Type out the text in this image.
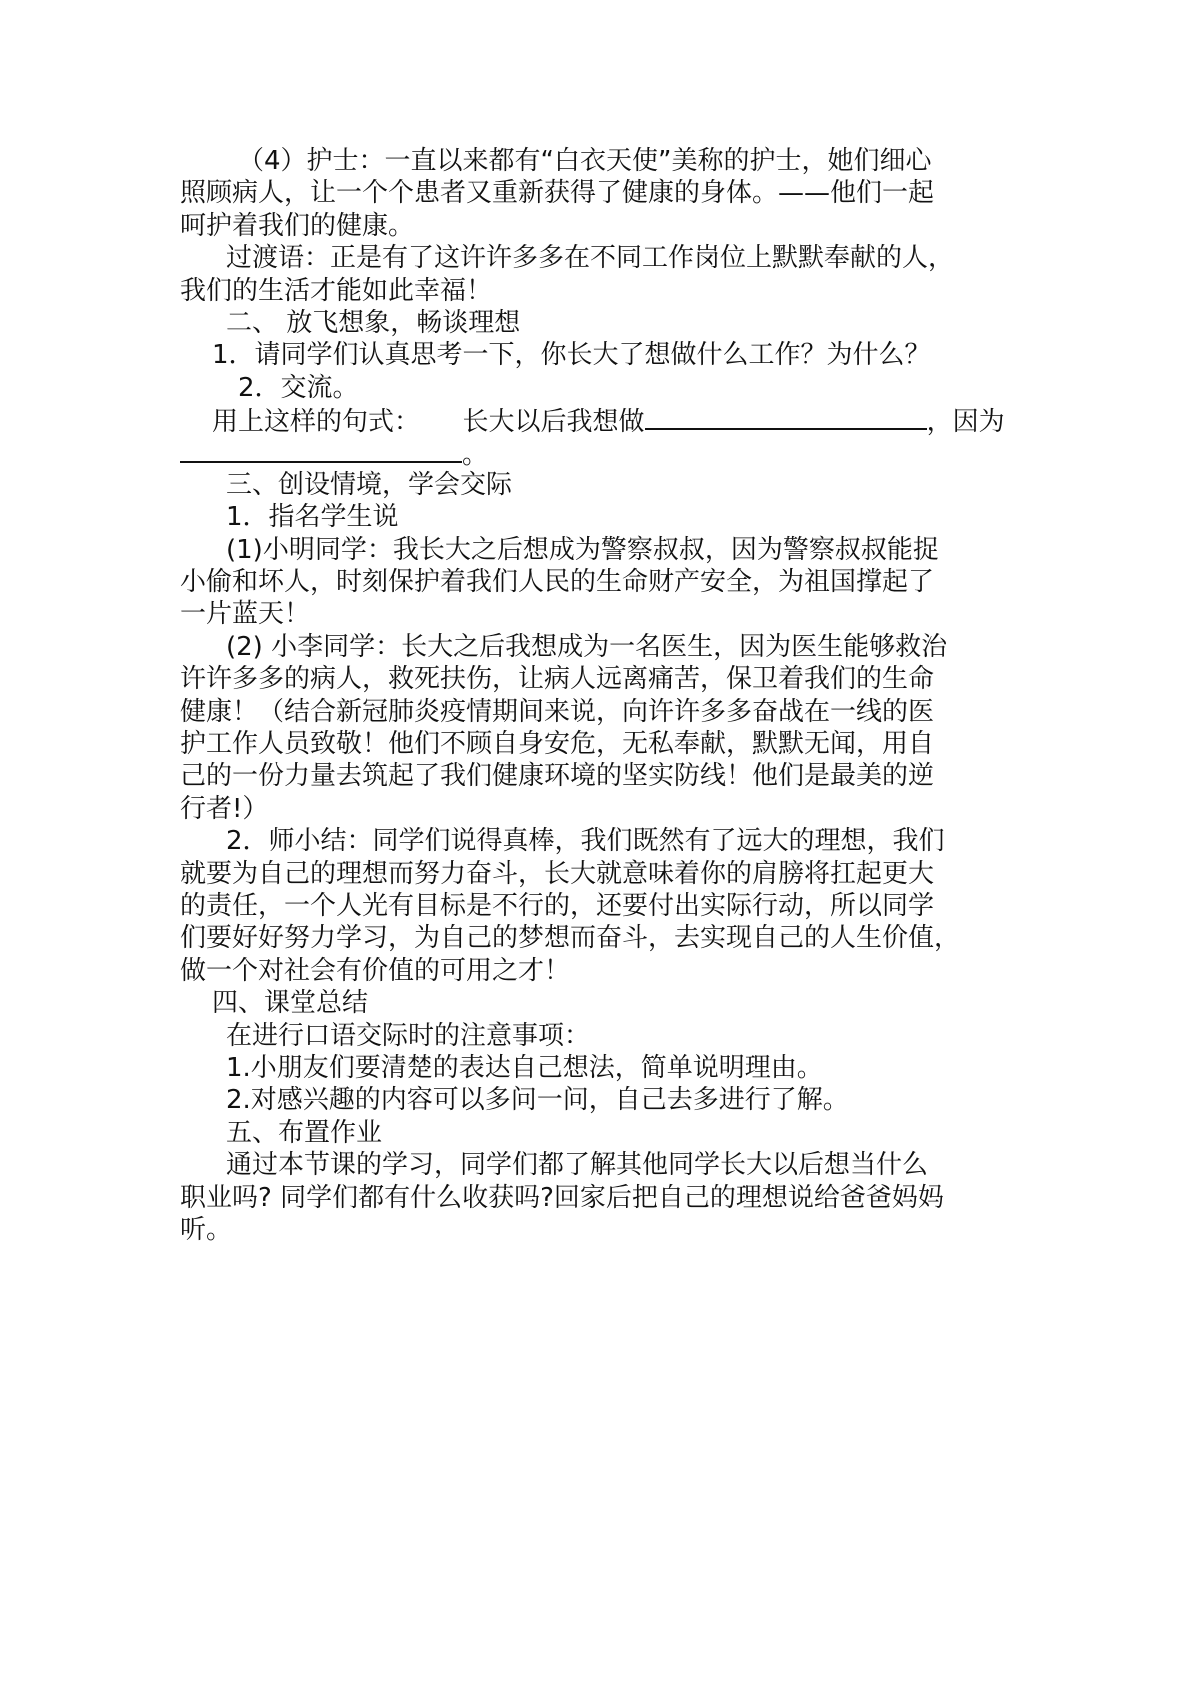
（4）护士：一直以来都有“白衣天使”美称的护士，她们细心
照顾病人，让一个个患者又重新获得了健康的身体。——他们一起
呵护着我们的健康。
过渡语：正是有了这许许多多在不同工作岗位上默默奉献的人，
我们的生活才能如此幸福！
二、 放飞想象，畅谈理想
1．请同学们认真思考一下，你长大了想做什么工作？为什么？
2．交流。
用上这样的句式： 长大以后我想做	，因为
。
三、创设情境，学会交际
1．指名学生说
(1)小明同学：我长大之后想成为警察叔叔，因为警察叔叔能捉
小偷和坏人，时刻保护着我们人民的生命财产安全，为祖国撑起了
一片蓝天！
(2) 小李同学：长大之后我想成为一名医生，因为医生能够救治
许许多多的病人，救死扶伤，让病人远离痛苦，保卫着我们的生命
健康！（结合新冠肺炎疫情期间来说，向许许多多奋战在一线的医
护工作人员致敬！他们不顾自身安危，无私奉献，默默无闻，用自
己的一份力量去筑起了我们健康环境的坚实防线！他们是最美的逆
行者!）
2．师小结：同学们说得真棒，我们既然有了远大的理想，我们
就要为自己的理想而努力奋斗，长大就意味着你的肩膀将扛起更大
的责任，一个人光有目标是不行的，还要付出实际行动，所以同学
们要好好努力学习，为自己的梦想而奋斗，去实现自己的人生价值，
做一个对社会有价值的可用之才！
四、课堂总结
在进行口语交际时的注意事项：
1.小朋友们要清楚的表达自己想法，简单说明理由。
2.对感兴趣的内容可以多问一问，自己去多进行了解。
五、布置作业
通过本节课的学习，同学们都了解其他同学长大以后想当什么
职业吗? 同学们都有什么收获吗?回家后把自己的理想说给爸爸妈妈
听。
